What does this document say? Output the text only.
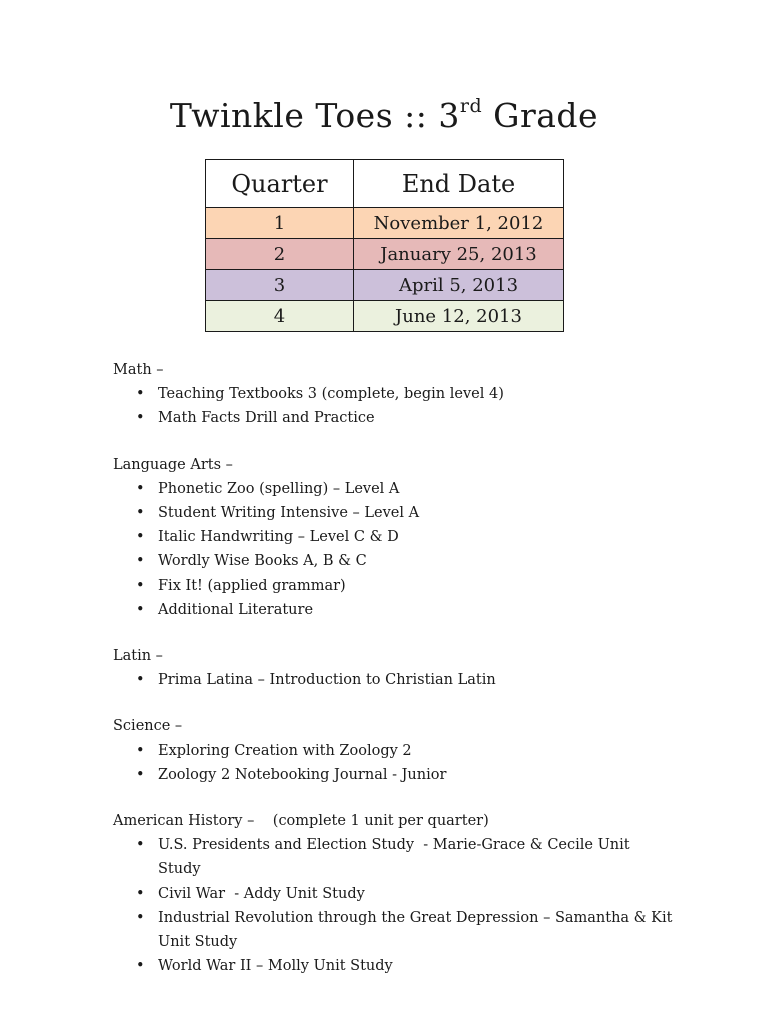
Twinkle Toes :: 3rd Grade
Quarter	End Date
1	November 1, 2012
2	January 25, 2013
3	April 5, 2013
4	June 12, 2013

Math –

• Teaching Textbooks 3 (complete, begin level 4)
• Math Facts Drill and Practice

Language Arts –

• Phonetic Zoo (spelling) – Level A
• Student Writing Intensive – Level A
• Italic Handwriting – Level C & D
• Wordly Wise Books A, B & C
• Fix It! (applied grammar)
• Additional Literature

Latin –

• Prima Latina – Introduction to Christian Latin

Science –

• Exploring Creation with Zoology 2
• Zoology 2 Notebooking Journal - Junior

American History –    (complete 1 unit per quarter)

• U.S. Presidents and Election Study  - Marie-Grace & Cecile Unit Study
• Civil War  - Addy Unit Study
• Industrial Revolution through the Great Depression – Samantha & Kit Unit Study
• World War II – Molly Unit Study
